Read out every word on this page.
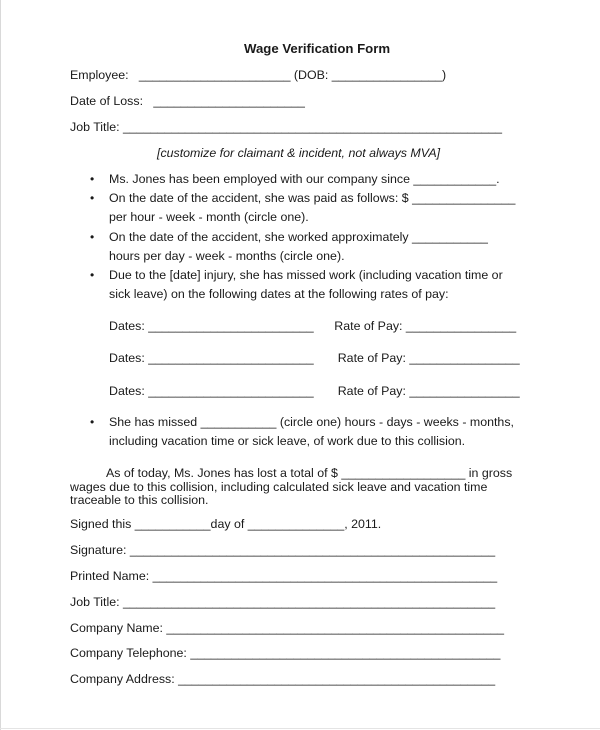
Wage Verification Form
Employee:   ______________________ (DOB: ________________)
Date of Loss:   ______________________
Job Title: _______________________________________________________
[customize for claimant & incident, not always MVA]
• Ms. Jones has been employed with our company since ____________.
• On the date of the accident, she was paid as follows: $ _______________
per hour - week - month (circle one).
• On the date of the accident, she worked approximately ___________
hours per day - week - months (circle one).
• Due to the [date] injury, she has missed work (including vacation time or
sick leave) on the following dates at the following rates of pay:
Dates: ________________________      Rate of Pay: ________________
Dates: ________________________       Rate of Pay: ________________
Dates: ________________________       Rate of Pay: ________________
• She has missed ___________ (circle one) hours - days - weeks - months,
including vacation time or sick leave, of work due to this collision.
As of today, Ms. Jones has lost a total of $ __________________ in gross
wages due to this collision, including calculated sick leave and vacation time
traceable to this collision.
Signed this ___________day of ______________, 2011.
Signature: _____________________________________________________
Printed Name: __________________________________________________
Job Title: ______________________________________________________
Company Name: _________________________________________________
Company Telephone: _____________________________________________
Company Address: ______________________________________________
